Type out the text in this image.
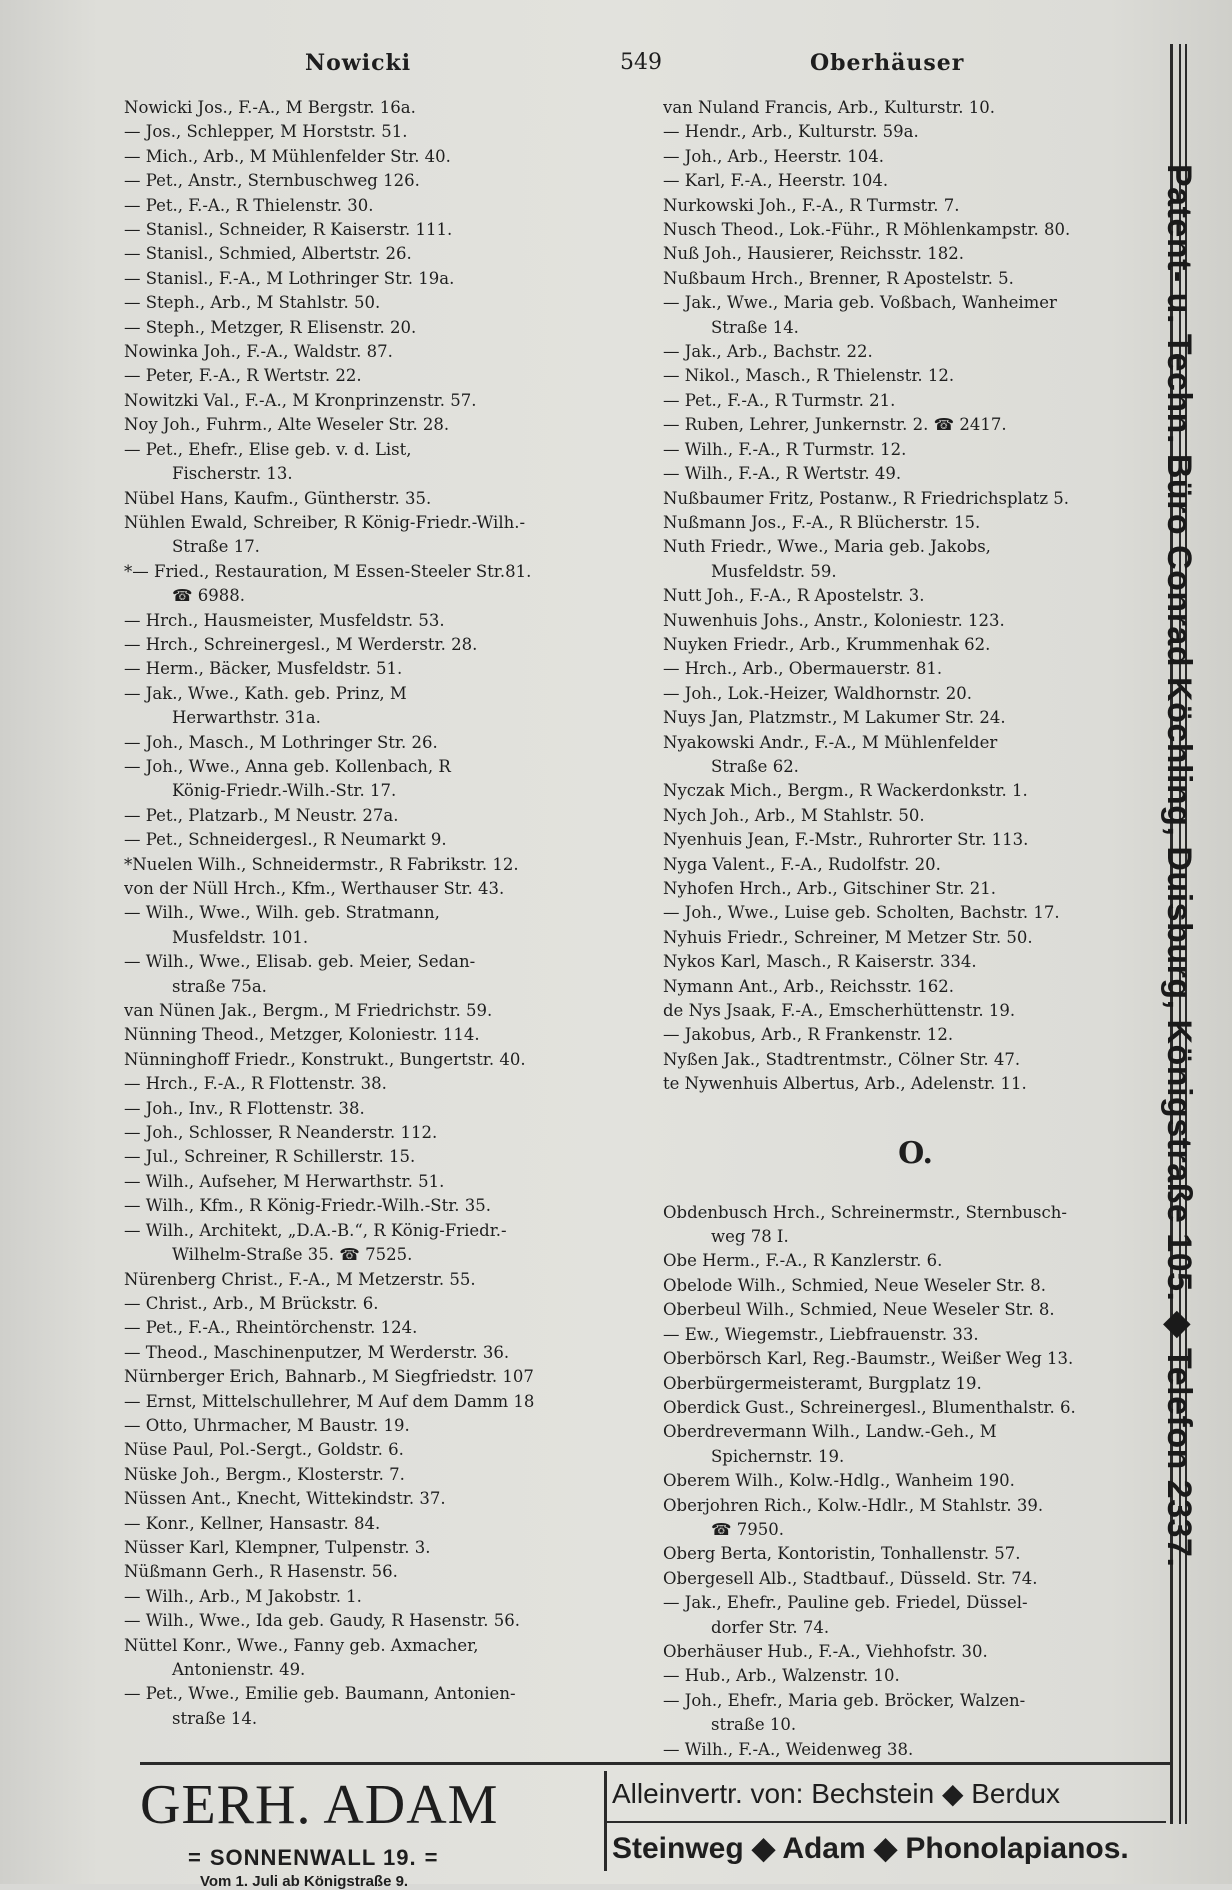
Nowicki	549	Oberhäuser
Nowicki Jos., F.-A., M Bergstr. 16a.
— Jos., Schlepper, M Horststr. 51.
— Mich., Arb., M Mühlenfelder Str. 40.
— Pet., Anstr., Sternbuschweg 126.
— Pet., F.-A., R Thielenstr. 30.
— Stanisl., Schneider, R Kaiserstr. 111.
— Stanisl., Schmied, Albertstr. 26.
— Stanisl., F.-A., M Lothringer Str. 19a.
— Steph., Arb., M Stahlstr. 50.
— Steph., Metzger, R Elisenstr. 20.
Nowinka Joh., F.-A., Waldstr. 87.
— Peter, F.-A., R Wertstr. 22.
Nowitzki Val., F.-A., M Kronprinzenstr. 57.
Noy Joh., Fuhrm., Alte Weseler Str. 28.
— Pet., Ehefr., Elise geb. v. d. List,
Fischerstr. 13.
Nübel Hans, Kaufm., Güntherstr. 35.
Nühlen Ewald, Schreiber, R König-Friedr.-Wilh.-
Straße 17.
*— Fried., Restauration, M Essen-Steeler Str.81.
☎ 6988.
— Hrch., Hausmeister, Musfeldstr. 53.
— Hrch., Schreinergesl., M Werderstr. 28.
— Herm., Bäcker, Musfeldstr. 51.
— Jak., Wwe., Kath. geb. Prinz, M
Herwarthstr. 31a.
— Joh., Masch., M Lothringer Str. 26.
— Joh., Wwe., Anna geb. Kollenbach, R
König-Friedr.-Wilh.-Str. 17.
— Pet., Platzarb., M Neustr. 27a.
— Pet., Schneidergesl., R Neumarkt 9.
*Nuelen Wilh., Schneidermstr., R Fabrikstr. 12.
von der Nüll Hrch., Kfm., Werthauser Str. 43.
— Wilh., Wwe., Wilh. geb. Stratmann,
Musfeldstr. 101.
— Wilh., Wwe., Elisab. geb. Meier, Sedan-
straße 75a.
van Nünen Jak., Bergm., M Friedrichstr. 59.
Nünning Theod., Metzger, Koloniestr. 114.
Nünninghoff Friedr., Konstrukt., Bungertstr. 40.
— Hrch., F.-A., R Flottenstr. 38.
— Joh., Inv., R Flottenstr. 38.
— Joh., Schlosser, R Neanderstr. 112.
— Jul., Schreiner, R Schillerstr. 15.
— Wilh., Aufseher, M Herwarthstr. 51.
— Wilh., Kfm., R König-Friedr.-Wilh.-Str. 35.
— Wilh., Architekt, „D.A.-B.“, R König-Friedr.-
Wilhelm-Straße 35. ☎ 7525.
Nürenberg Christ., F.-A., M Metzerstr. 55.
— Christ., Arb., M Brückstr. 6.
— Pet., F.-A., Rheintörchenstr. 124.
— Theod., Maschinenputzer, M Werderstr. 36.
Nürnberger Erich, Bahnarb., M Siegfriedstr. 107
— Ernst, Mittelschullehrer, M Auf dem Damm 18
— Otto, Uhrmacher, M Baustr. 19.
Nüse Paul, Pol.-Sergt., Goldstr. 6.
Nüske Joh., Bergm., Klosterstr. 7.
Nüssen Ant., Knecht, Wittekindstr. 37.
— Konr., Kellner, Hansastr. 84.
Nüsser Karl, Klempner, Tulpenstr. 3.
Nüßmann Gerh., R Hasenstr. 56.
— Wilh., Arb., M Jakobstr. 1.
— Wilh., Wwe., Ida geb. Gaudy, R Hasenstr. 56.
Nüttel Konr., Wwe., Fanny geb. Axmacher,
Antonienstr. 49.
— Pet., Wwe., Emilie geb. Baumann, Antonien-
straße 14.
van Nuland Francis, Arb., Kulturstr. 10.
— Hendr., Arb., Kulturstr. 59a.
— Joh., Arb., Heerstr. 104.
— Karl, F.-A., Heerstr. 104.
Nurkowski Joh., F.-A., R Turmstr. 7.
Nusch Theod., Lok.-Führ., R Möhlenkampstr. 80.
Nuß Joh., Hausierer, Reichsstr. 182.
Nußbaum Hrch., Brenner, R Apostelstr. 5.
— Jak., Wwe., Maria geb. Voßbach, Wanheimer
Straße 14.
— Jak., Arb., Bachstr. 22.
— Nikol., Masch., R Thielenstr. 12.
— Pet., F.-A., R Turmstr. 21.
— Ruben, Lehrer, Junkernstr. 2. ☎ 2417.
— Wilh., F.-A., R Turmstr. 12.
— Wilh., F.-A., R Wertstr. 49.
Nußbaumer Fritz, Postanw., R Friedrichsplatz 5.
Nußmann Jos., F.-A., R Blücherstr. 15.
Nuth Friedr., Wwe., Maria geb. Jakobs,
Musfeldstr. 59.
Nutt Joh., F.-A., R Apostelstr. 3.
Nuwenhuis Johs., Anstr., Koloniestr. 123.
Nuyken Friedr., Arb., Krummenhak 62.
— Hrch., Arb., Obermauerstr. 81.
— Joh., Lok.-Heizer, Waldhornstr. 20.
Nuys Jan, Platzmstr., M Lakumer Str. 24.
Nyakowski Andr., F.-A., M Mühlenfelder
Straße 62.
Nyczak Mich., Bergm., R Wackerdonkstr. 1.
Nych Joh., Arb., M Stahlstr. 50.
Nyenhuis Jean, F.-Mstr., Ruhrorter Str. 113.
Nyga Valent., F.-A., Rudolfstr. 20.
Nyhofen Hrch., Arb., Gitschiner Str. 21.
— Joh., Wwe., Luise geb. Scholten, Bachstr. 17.
Nyhuis Friedr., Schreiner, M Metzer Str. 50.
Nykos Karl, Masch., R Kaiserstr. 334.
Nymann Ant., Arb., Reichsstr. 162.
de Nys Jsaak, F.-A., Emscherhüttenstr. 19.
— Jakobus, Arb., R Frankenstr. 12.
Nyßen Jak., Stadtrentmstr., Cölner Str. 47.
te Nywenhuis Albertus, Arb., Adelenstr. 11.
O.
Obdenbusch Hrch., Schreinermstr., Sternbusch-
weg 78 I.
Obe Herm., F.-A., R Kanzlerstr. 6.
Obelode Wilh., Schmied, Neue Weseler Str. 8.
Oberbeul Wilh., Schmied, Neue Weseler Str. 8.
— Ew., Wiegemstr., Liebfrauenstr. 33.
Oberbörsch Karl, Reg.-Baumstr., Weißer Weg 13.
Oberbürgermeisteramt, Burgplatz 19.
Oberdick Gust., Schreinergesl., Blumenthalstr. 6.
Oberdrevermann Wilh., Landw.-Geh., M
Spichernstr. 19.
Oberem Wilh., Kolw.-Hdlg., Wanheim 190.
Oberjohren Rich., Kolw.-Hdlr., M Stahlstr. 39.
☎ 7950.
Oberg Berta, Kontoristin, Tonhallenstr. 57.
Obergesell Alb., Stadtbauf., Düsseld. Str. 74.
— Jak., Ehefr., Pauline geb. Friedel, Düssel-
dorfer Str. 74.
Oberhäuser Hub., F.-A., Viehhofstr. 30.
— Hub., Arb., Walzenstr. 10.
— Joh., Ehefr., Maria geb. Bröcker, Walzen-
straße 10.
— Wilh., F.-A., Weidenweg 38.
Patent- u. Techn. Büro Conrad Köchling, Duisburg, Königstraße 105. ◆ Telefon 2337.
GERH. ADAM
= SONNENWALL 19. =
Vom 1. Juli ab Königstraße 9.
Alleinvertr. von: Bechstein ◆ Berdux
Steinweg ◆ Adam ◆ Phonolapianos.
